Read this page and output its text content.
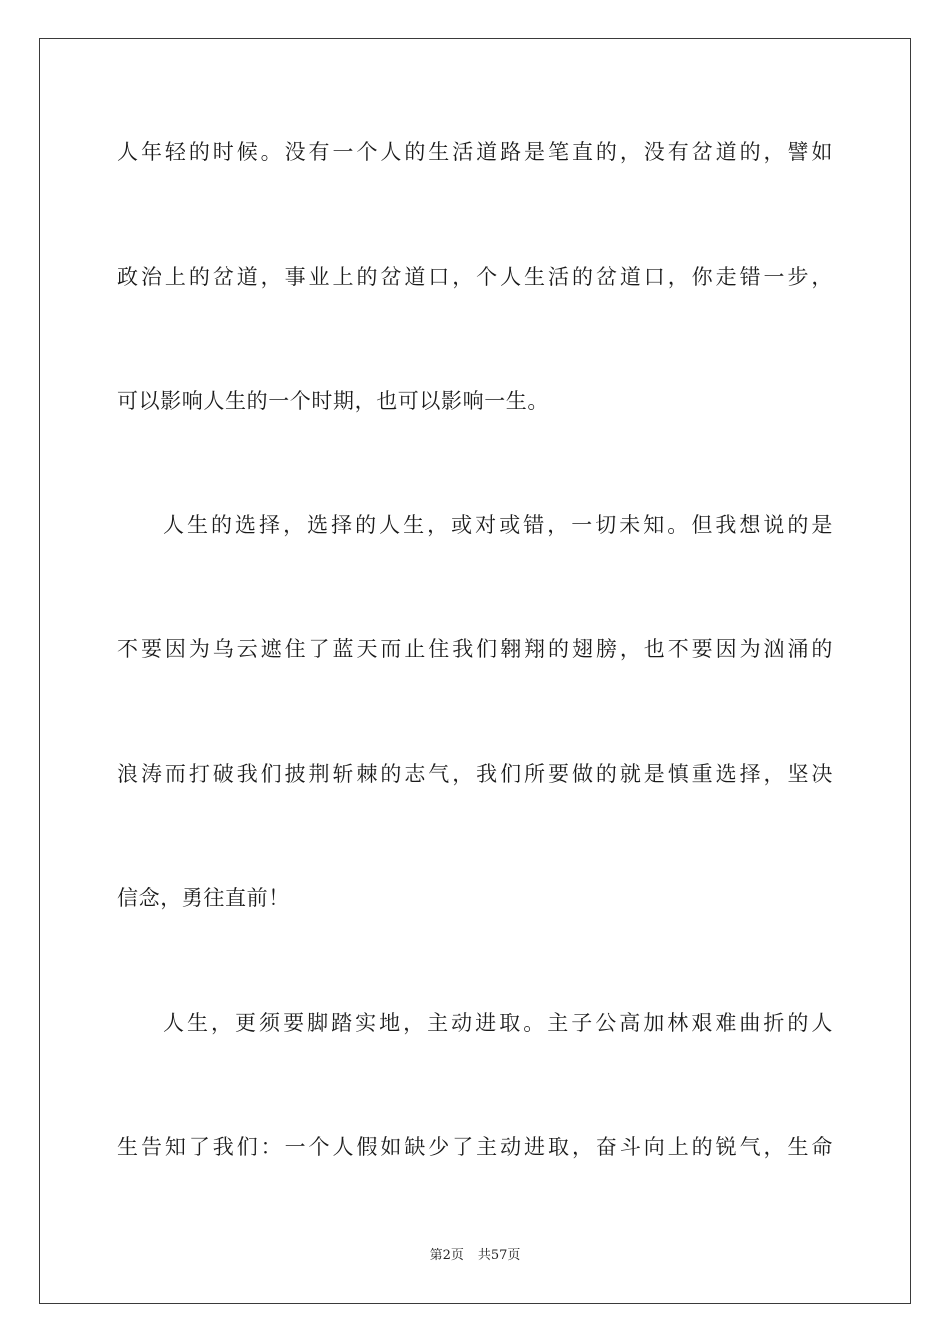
人年轻的时候。没有一个人的生活道路是笔直的，没有岔道的，譬如

政治上的岔道，事业上的岔道口，个人生活的岔道口，你走错一步，

可以影响人生的一个时期，也可以影响一生。

人生的选择，选择的人生，或对或错，一切未知。但我想说的是

不要因为乌云遮住了蓝天而止住我们翱翔的翅膀，也不要因为汹涌的

浪涛而打破我们披荆斩棘的志气，我们所要做的就是慎重选择，坚决

信念，勇往直前！

人生，更须要脚踏实地，主动进取。主子公高加林艰难曲折的人

生告知了我们：一个人假如缺少了主动进取，奋斗向上的锐气，生命

第2页 共57页
